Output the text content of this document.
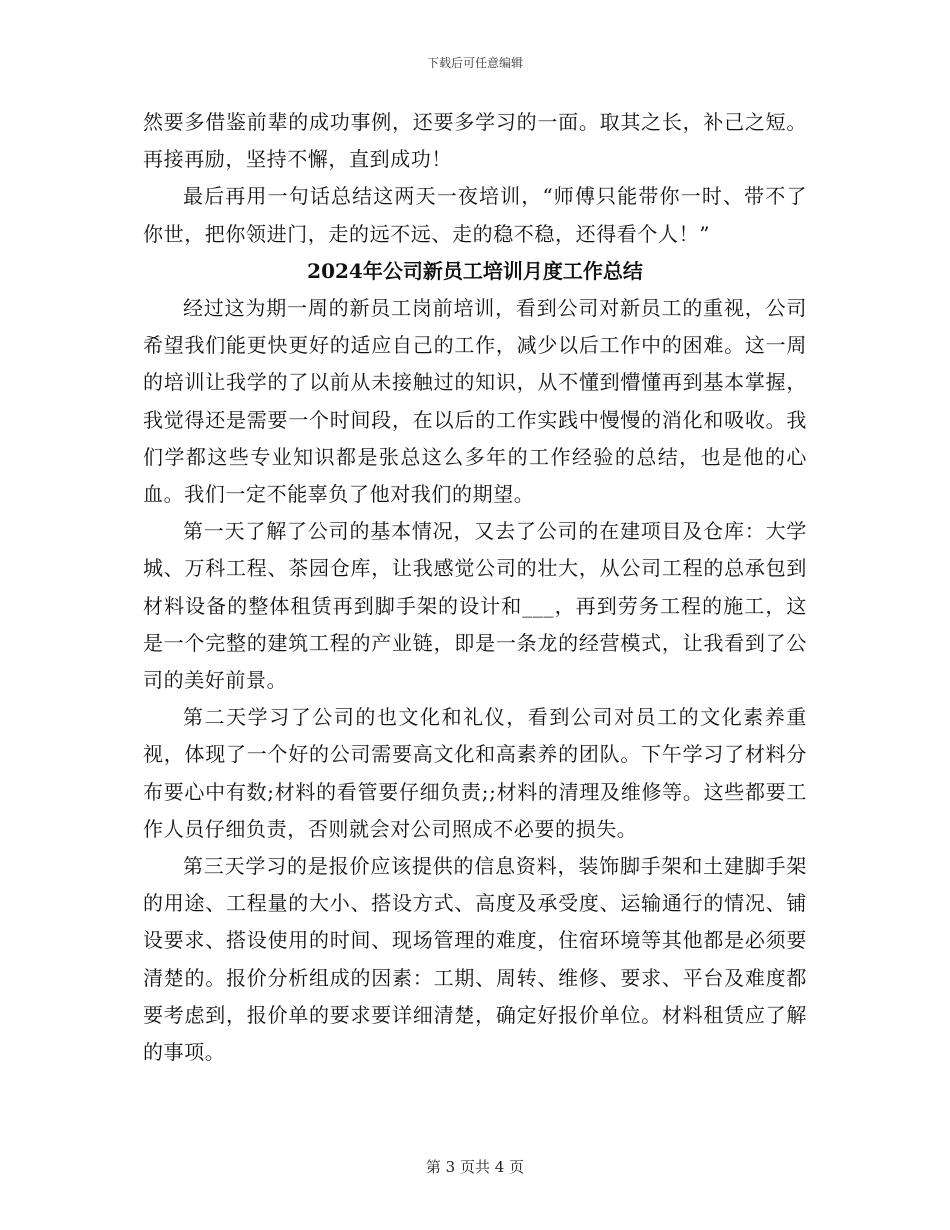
下载后可任意编辑

然要多借鉴前辈的成功事例，还要多学习的一面。取其之长，补己之短。再接再励，坚持不懈，直到成功！

最后再用一句话总结这两天一夜培训，“师傅只能带你一时、带不了你世，把你领进门，走的远不远、走的稳不稳，还得看个人！”

2024年公司新员工培训月度工作总结

经过这为期一周的新员工岗前培训，看到公司对新员工的重视，公司希望我们能更快更好的适应自己的工作，减少以后工作中的困难。这一周的培训让我学的了以前从未接触过的知识，从不懂到懵懂再到基本掌握，我觉得还是需要一个时间段，在以后的工作实践中慢慢的消化和吸收。我们学都这些专业知识都是张总这么多年的工作经验的总结，也是他的心血。我们一定不能辜负了他对我们的期望。

第一天了解了公司的基本情况，又去了公司的在建项目及仓库：大学城、万科工程、茶园仓库，让我感觉公司的壮大，从公司工程的总承包到材料设备的整体租赁再到脚手架的设计和___，再到劳务工程的施工，这是一个完整的建筑工程的产业链，即是一条龙的经营模式，让我看到了公司的美好前景。

第二天学习了公司的也文化和礼仪，看到公司对员工的文化素养重视，体现了一个好的公司需要高文化和高素养的团队。下午学习了材料分布要心中有数;材料的看管要仔细负责;;材料的清理及维修等。这些都要工作人员仔细负责，否则就会对公司照成不必要的损失。

第三天学习的是报价应该提供的信息资料，装饰脚手架和土建脚手架的用途、工程量的大小、搭设方式、高度及承受度、运输通行的情况、铺设要求、搭设使用的时间、现场管理的难度，住宿环境等其他都是必须要清楚的。报价分析组成的因素：工期、周转、维修、要求、平台及难度都要考虑到，报价单的要求要详细清楚，确定好报价单位。材料租赁应了解的事项。

第 3 页共 4 页
